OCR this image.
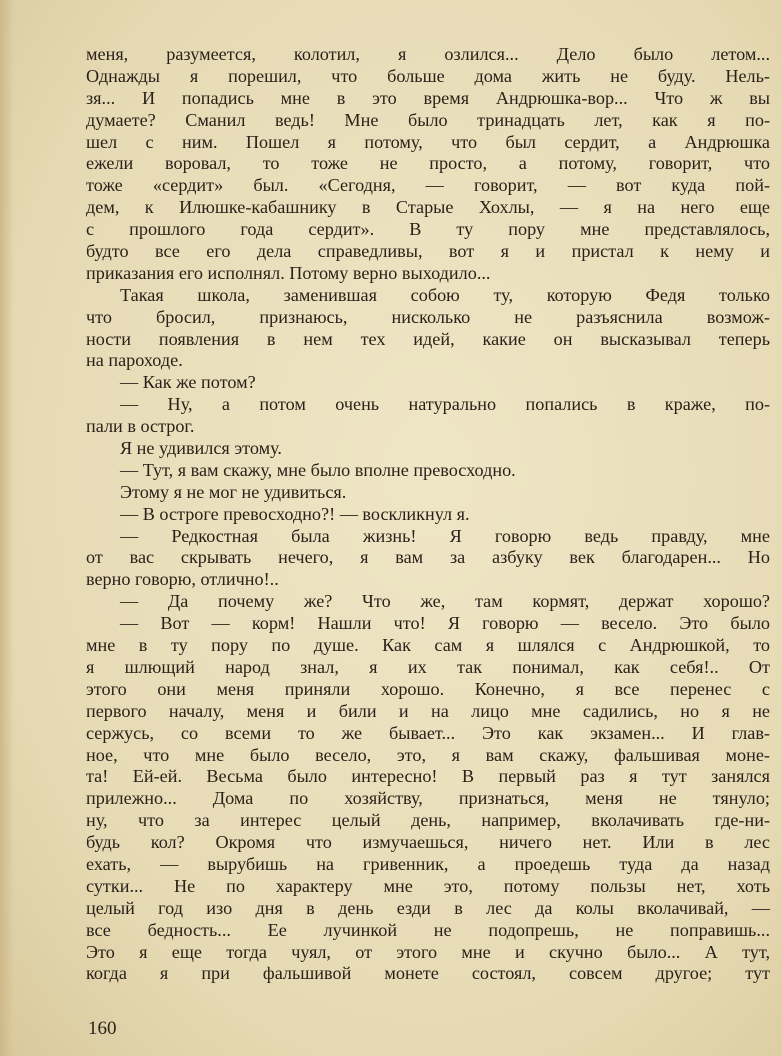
меня, разумеется, колотил, я озлился... Дело было летом...
Однажды я порешил, что больше дома жить не буду. Нель-
зя... И попадись мне в это время Андрюшка-вор... Что ж вы
думаете? Сманил ведь! Мне было тринадцать лет, как я по-
шел с ним. Пошел я потому, что был сердит, а Андрюшка
ежели воровал, то тоже не просто, а потому, говорит, что
тоже «сердит» был. «Сегодня, — говорит, — вот куда пой-
дем, к Илюшке-кабашнику в Старые Хохлы, — я на него еще
с прошлого года сердит». В ту пору мне представлялось,
будто все его дела справедливы, вот я и пристал к нему и
приказания его исполнял. Потому верно выходило...
Такая школа, заменившая собою ту, которую Федя только
что бросил, признаюсь, нисколько не разъяснила возмож-
ности появления в нем тех идей, какие он высказывал теперь
на пароходе.
— Как же потом?
— Ну, а потом очень натурально попались в краже, по-
пали в острог.
Я не удивился этому.
— Тут, я вам скажу, мне было вполне превосходно.
Этому я не мог не удивиться.
— В остроге превосходно?! — воскликнул я.
— Редкостная была жизнь! Я говорю ведь правду, мне
от вас скрывать нечего, я вам за азбуку век благодарен... Но
верно говорю, отлично!..
— Да почему же? Что же, там кормят, держат хорошо?
— Вот — корм! Нашли что! Я говорю — весело. Это было
мне в ту пору по душе. Как сам я шлялся с Андрюшкой, то
я шлющий народ знал, я их так понимал, как себя!.. От
этого они меня приняли хорошо. Конечно, я все перенес с
первого началу, меня и били и на лицо мне садились, но я не
сержусь, со всеми то же бывает... Это как экзамен... И глав-
ное, что мне было весело, это, я вам скажу, фальшивая моне-
та! Ей-ей. Весьма было интересно! В первый раз я тут занялся
прилежно... Дома по хозяйству, признаться, меня не тянуло;
ну, что за интерес целый день, например, вколачивать где-ни-
будь кол? Окромя что измучаешься, ничего нет. Или в лес
ехать, — вырубишь на гривенник, а проедешь туда да назад
сутки... Не по характеру мне это, потому пользы нет, хоть
целый год изо дня в день езди в лес да колы вколачивай, —
все бедность... Ее лучинкой не подопрешь, не поправишь...
Это я еще тогда чуял, от этого мне и скучно было... А тут,
когда я при фальшивой монете состоял, совсем другое; тут
160
